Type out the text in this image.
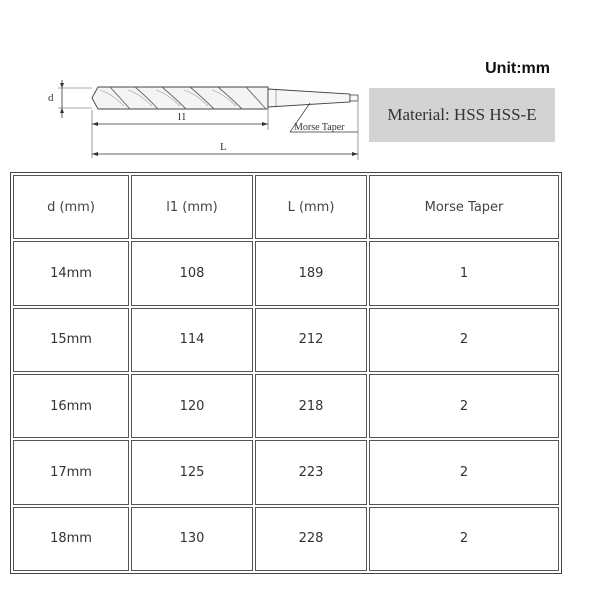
d
l1
Morse Taper
L
Unit:mm
Material: HSS HSS-E
d (mm)	l1 (mm)	L (mm)	Morse Taper
14mm	108	189	1
15mm	114	212	2
16mm	120	218	2
17mm	125	223	2
18mm	130	228	2
